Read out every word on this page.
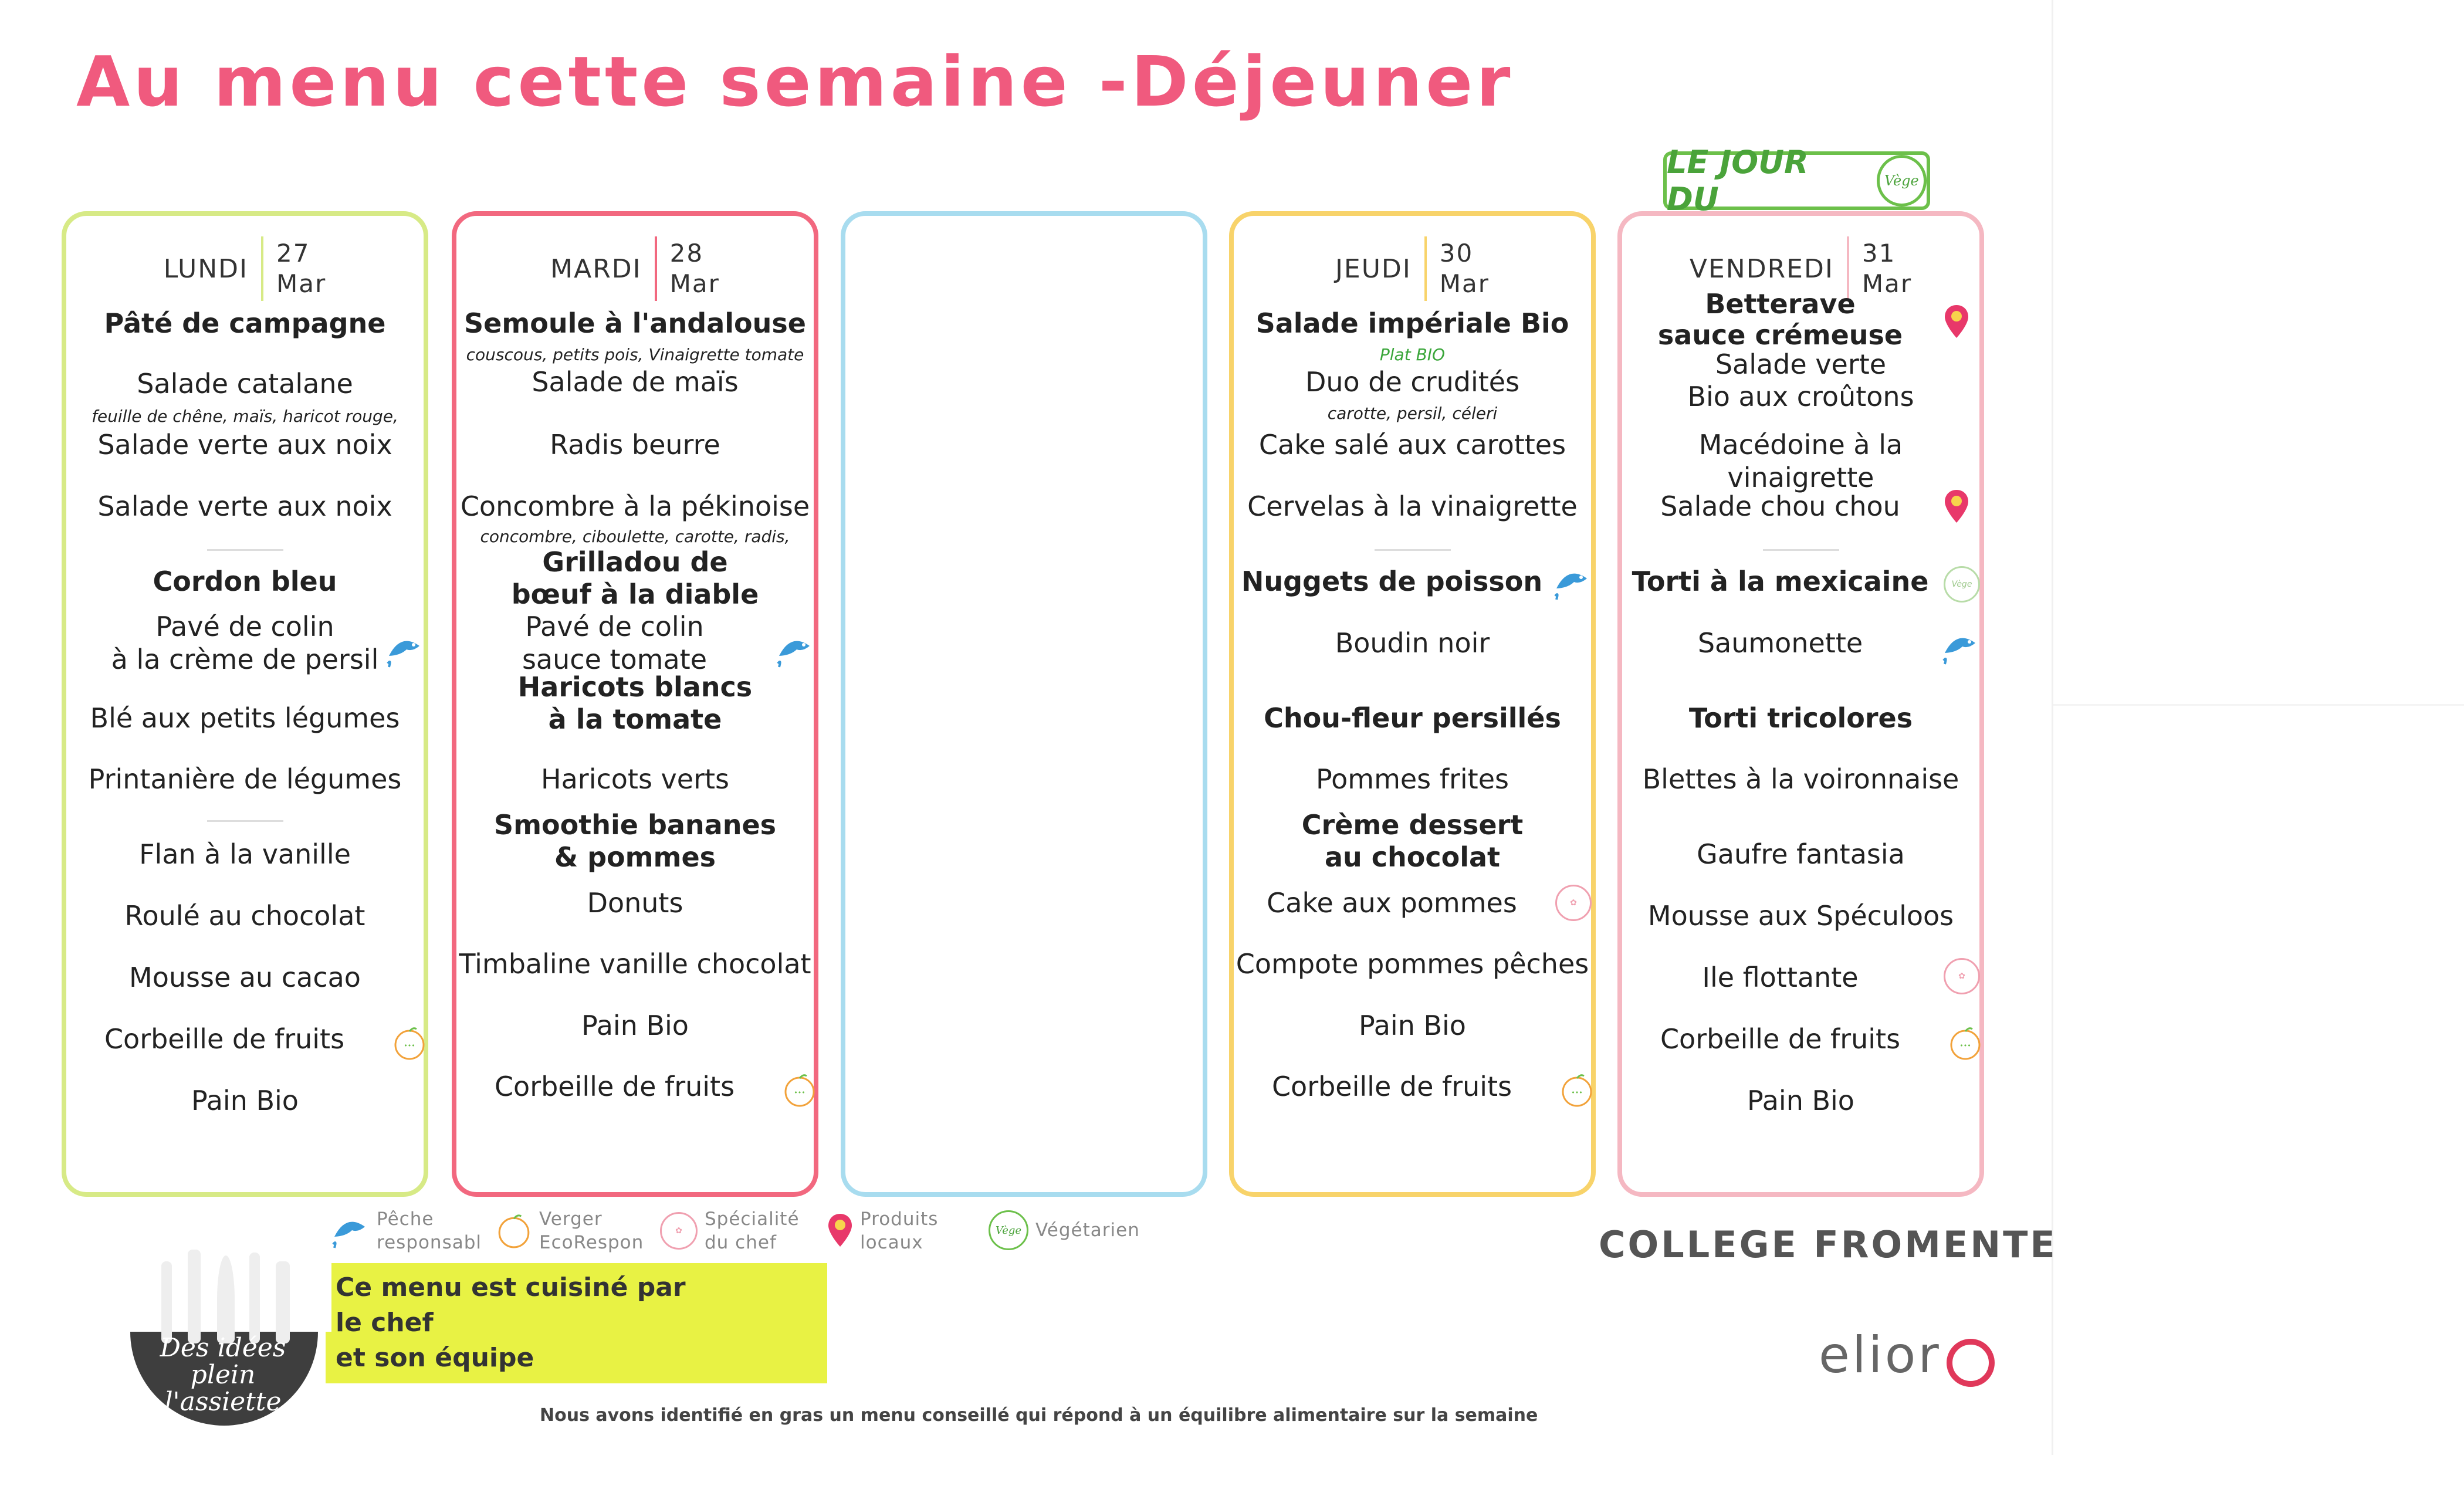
Au menu cette semaine -Déjeuner
LE JOUR DU	Vège
LUNDI
27
Mar
Pâté de campagne
Salade catalane
feuille de chêne, maïs, haricot rouge,
Salade verte aux noix
Salade verte aux noix
Cordon bleu
Pavé de colin
à la crème de persil
Blé aux petits légumes
Printanière de légumes
Flan à la vanille
Roulé au chocolat
Mousse au cacao
Corbeille de fruits
Pain Bio
•••
MARDI
28
Mar
Semoule à l'andalouse
couscous, petits pois, Vinaigrette tomate
Salade de maïs
Radis beurre
Concombre à la pékinoise
concombre, ciboulette, carotte, radis,
Grilladou de
bœuf à la diable
Pavé de colin
sauce tomate
Haricots blancs
à la tomate
Haricots verts
Smoothie bananes
& pommes
Donuts
Timbaline vanille chocolat
Pain Bio
Corbeille de fruits	•••
JEUDI
30
Mar
Salade impériale Bio
Plat BIO
Duo de crudités
carotte, persil, céleri
Cake salé aux carottes
Cervelas à la vinaigrette
Nuggets de poisson
Boudin noir
Chou-fleur persillés
Pommes frites
Crème dessert
au chocolat
Cake aux pommes
Compote pommes pêches
Pain Bio
Corbeille de fruits
✿
•••
VENDREDI
31
Mar
Betterave
sauce crémeuse
Salade verte
Bio aux croûtons
Macédoine à la vinaigrette
Salade chou chou
Torti à la mexicaine
Saumonette
Torti tricolores
Blettes à la voironnaise
Gaufre fantasia
Mousse aux Spéculoos
Ile flottante
Corbeille de fruits
Pain Bio
Vège
✿
•••
Pêche
responsabl
Verger
EcoRespon
✿
Spécialité
du chef
Produits
locaux
Vège Végétarien	COLLEGE FROMENTE
elior
Des idées plein
l'assiette
Ce menu est cuisiné par
le chef
et son équipe
Nous avons identifié en gras un menu conseillé qui répond à un équilibre alimentaire sur la semaine
